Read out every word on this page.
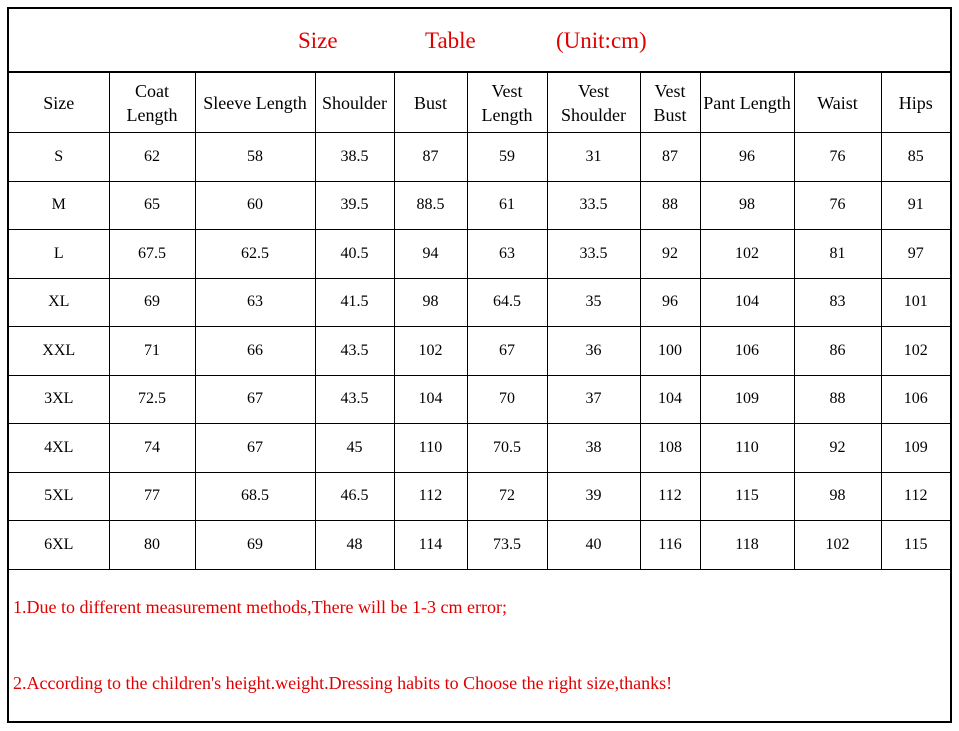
Size	Table	(Unit:cm)
Size	Coat Length	Sleeve Length	Shoulder	Bust	Vest Length	Vest Shoulder	Vest Bust	Pant Length	Waist	Hips
S	62	58	38.5	87	59	31	87	96	76	85
M	65	60	39.5	88.5	61	33.5	88	98	76	91
L	67.5	62.5	40.5	94	63	33.5	92	102	81	97
XL	69	63	41.5	98	64.5	35	96	104	83	101
XXL	71	66	43.5	102	67	36	100	106	86	102
3XL	72.5	67	43.5	104	70	37	104	109	88	106
4XL	74	67	45	110	70.5	38	108	110	92	109
5XL	77	68.5	46.5	112	72	39	112	115	98	112
6XL	80	69	48	114	73.5	40	116	118	102	115
1.Due to different measurement methods,There will be 1-3 cm error;
2.According to the children's height.weight.Dressing habits to Choose the right size,thanks!
